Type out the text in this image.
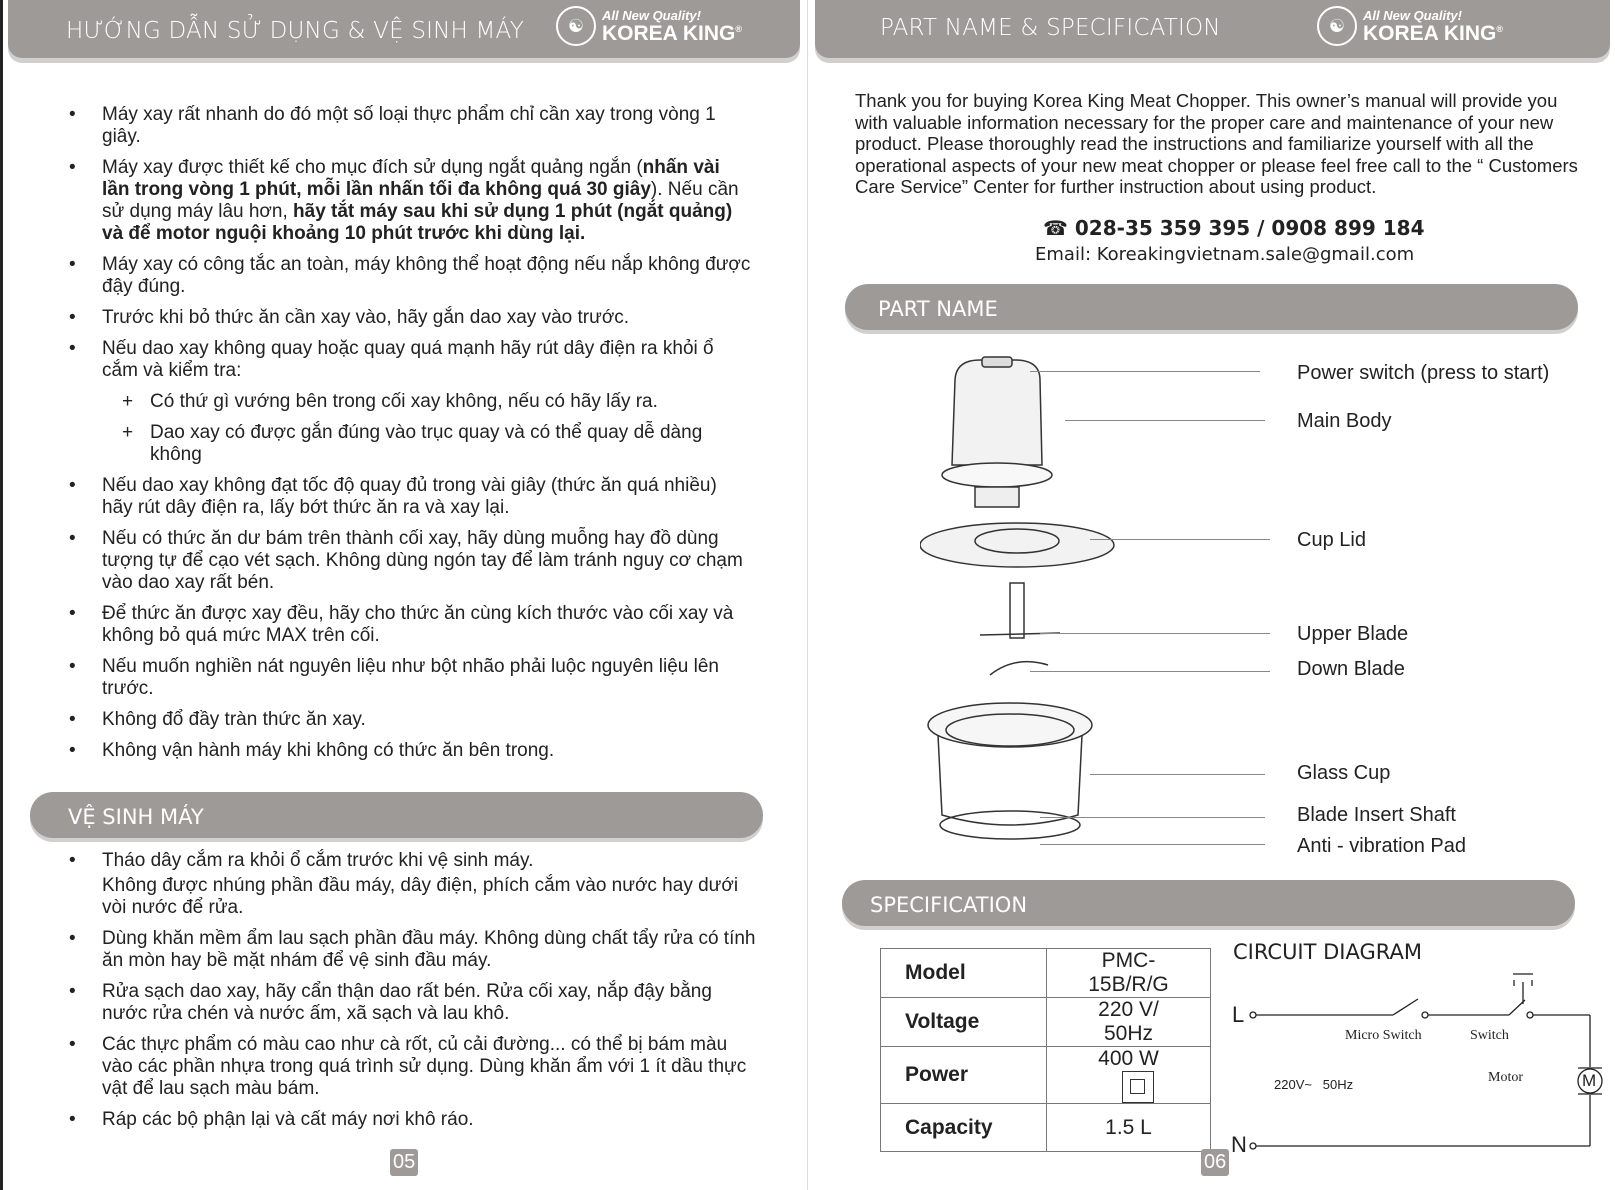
HƯỚNG DẪN SỬ DỤNG & VỆ SINH MÁY	☯	All New Quality!
KOREA KING®
• Máy xay rất nhanh do đó một số loại thực phẩm chỉ cần xay trong vòng 1 giây.
• Máy xay được thiết kế cho mục đích sử dụng ngắt quảng ngắn (nhấn vài lần trong vòng 1 phút, mỗi lần nhấn tối đa không quá 30 giây). Nếu cần sử dụng máy lâu hơn, hãy tắt máy sau khi sử dụng 1 phút (ngắt quảng) và để motor nguội khoảng 10 phút trước khi dùng lại.
• Máy xay có công tắc an toàn, máy không thể hoạt động nếu nắp không được đậy đúng.
• Trước khi bỏ thức ăn cần xay vào, hãy gắn dao xay vào trước.
• Nếu dao xay không quay hoặc quay quá mạnh hãy rút dây điện ra khỏi ổ cắm và kiểm tra:
+ Có thứ gì vướng bên trong cối xay không, nếu có hãy lấy ra.
+ Dao xay có được gắn đúng vào trục quay và có thể quay dễ dàng không
• Nếu dao xay không đạt tốc độ quay đủ trong vài giây (thức ăn quá nhiều) hãy rút dây điện ra, lấy bớt thức ăn ra và xay lại.
• Nếu có thức ăn dư bám trên thành cối xay, hãy dùng muỗng hay đồ dùng tượng tự để cạo vét sạch. Không dùng ngón tay để làm tránh nguy cơ chạm vào dao xay rất bén.
• Để thức ăn được xay đều, hãy cho thức ăn cùng kích thước vào cối xay và không bỏ quá mức MAX trên cối.
• Nếu muốn nghiền nát nguyên liệu như bột nhão phải luộc nguyên liệu lên trước.
• Không đổ đầy tràn thức ăn xay.
• Không vận hành máy khi không có thức ăn bên trong.
VỆ SINH MÁY
• Tháo dây cắm ra khỏi ổ cắm trước khi vệ sinh máy.
Không được nhúng phần đầu máy, dây điện, phích cắm vào nước hay dưới vòi nước để rửa.
• Dùng khăn mềm ẩm lau sạch phần đầu máy. Không dùng chất tẩy rửa có tính ăn mòn hay bề mặt nhám để vệ sinh đầu máy.
• Rửa sạch dao xay, hãy cẩn thận dao rất bén. Rửa cối xay, nắp đậy bằng nước rửa chén và nước ấm, xã sạch và lau khô.
• Các thực phẩm có màu cao như cà rốt, củ cải đường... có thể bị bám màu vào các phần nhựa trong quá trình sử dụng. Dùng khăn ẩm với 1 ít dầu thực vật để lau sạch màu bám.
• Ráp các bộ phận lại và cất máy nơi khô ráo.
05
PART NAME & SPECIFICATION	☯	All New Quality!
KOREA KING®
Thank you for buying Korea King Meat Chopper. This owner’s manual will provide you with valuable information necessary for the proper care and maintenance of your new product. Please thoroughly read the instructions and familiarize yourself with all the operational aspects of your new meat chopper or please feel free call to the “ Customers Care Service” Center for further instruction about using product.
☎ 028-35 359 395 / 0908 899 184
Email: Koreakingvietnam.sale@gmail.com
PART NAME
Power switch (press to start)
Main Body
Cup Lid
Upper Blade
Down Blade
Glass Cup
Blade Insert Shaft
Anti - vibration Pad
SPECIFICATION
Model	PMC-15B/R/G
Voltage	220 V/ 50Hz
Power	400 W

Capacity	1.5 L
CIRCUIT DIAGRAM
L
N
Micro Switch	Switch
Motor	M
220V~   50Hz
06
